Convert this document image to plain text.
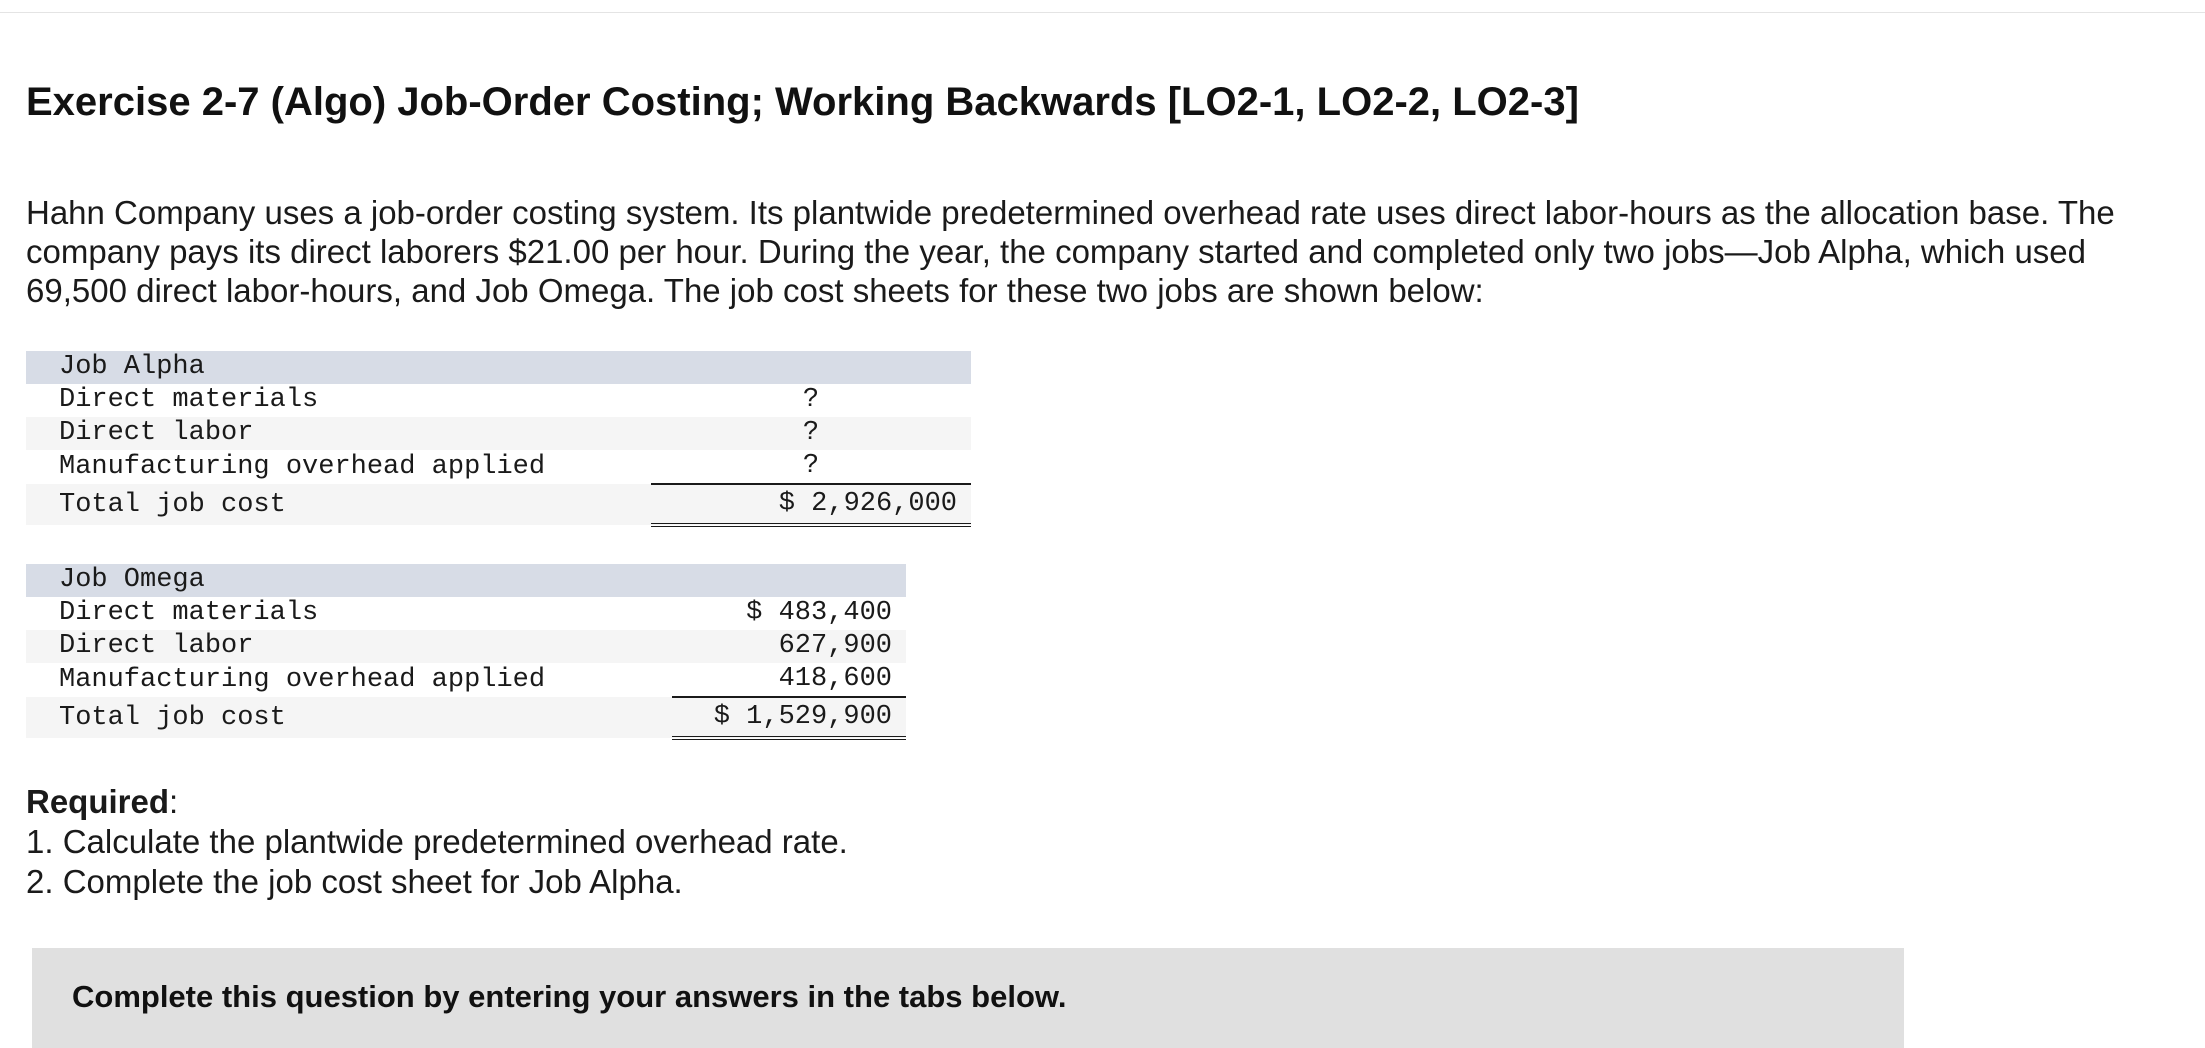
Exercise 2-7 (Algo) Job-Order Costing; Working Backwards [LO2-1, LO2-2, LO2-3]

Hahn Company uses a job-order costing system. Its plantwide predetermined overhead rate uses direct labor-hours as the allocation base. The company pays its direct laborers $21.00 per hour. During the year, the company started and completed only two jobs—Job Alpha, which used 69,500 direct labor-hours, and Job Omega. The job cost sheets for these two jobs are shown below:

Job Alpha	
Direct materials	?
Direct labor	?
Manufacturing overhead applied	?
Total job cost	$ 2,926,000
Job Omega	
Direct materials	$ 483,400
Direct labor	627,900
Manufacturing overhead applied	418,600
Total job cost	$ 1,529,900

Required:

1. Calculate the plantwide predetermined overhead rate.
2. Complete the job cost sheet for Job Alpha.
Complete this question by entering your answers in the tabs below.
